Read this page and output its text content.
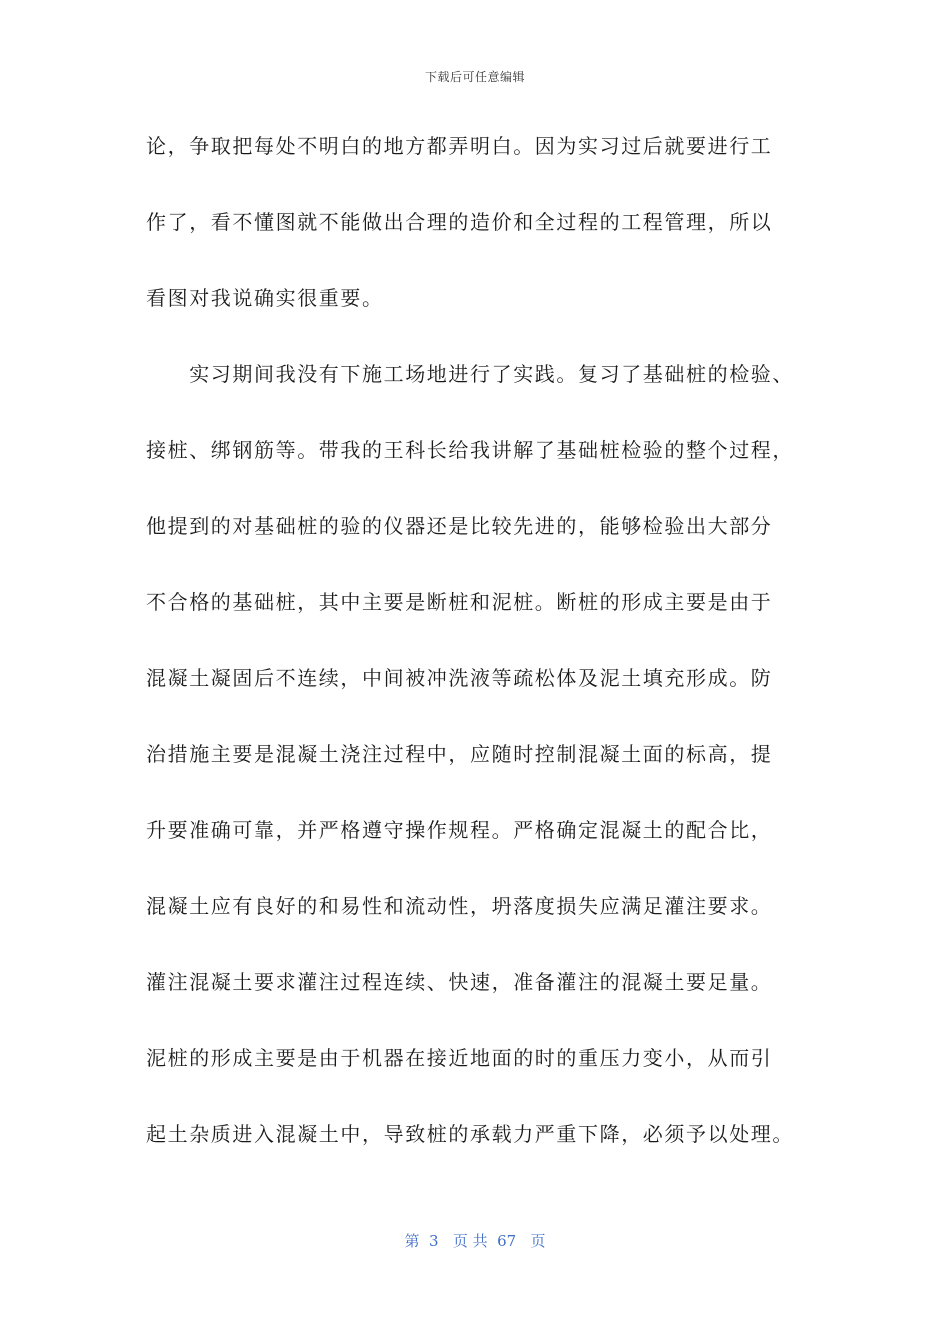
下载后可任意编辑
论，争取把每处不明白的地方都弄明白。因为实习过后就要进行工
作了，看不懂图就不能做出合理的造价和全过程的工程管理，所以
看图对我说确实很重要。
　　实习期间我没有下施工场地进行了实践。复习了基础桩的检验、
接桩、绑钢筋等。带我的王科长给我讲解了基础桩检验的整个过程，
他提到的对基础桩的验的仪器还是比较先进的，能够检验出大部分
不合格的基础桩，其中主要是断桩和泥桩。断桩的形成主要是由于
混凝土凝固后不连续，中间被冲洗液等疏松体及泥土填充形成。防
治措施主要是混凝土浇注过程中，应随时控制混凝土面的标高，提
升要准确可靠，并严格遵守操作规程。严格确定混凝土的配合比，
混凝土应有良好的和易性和流动性，坍落度损失应满足灌注要求。
灌注混凝土要求灌注过程连续、快速，准备灌注的混凝土要足量。
泥桩的形成主要是由于机器在接近地面的时的重压力变小，从而引
起土杂质进入混凝土中，导致桩的承载力严重下降，必须予以处理。
第  3   页 共  67   页
